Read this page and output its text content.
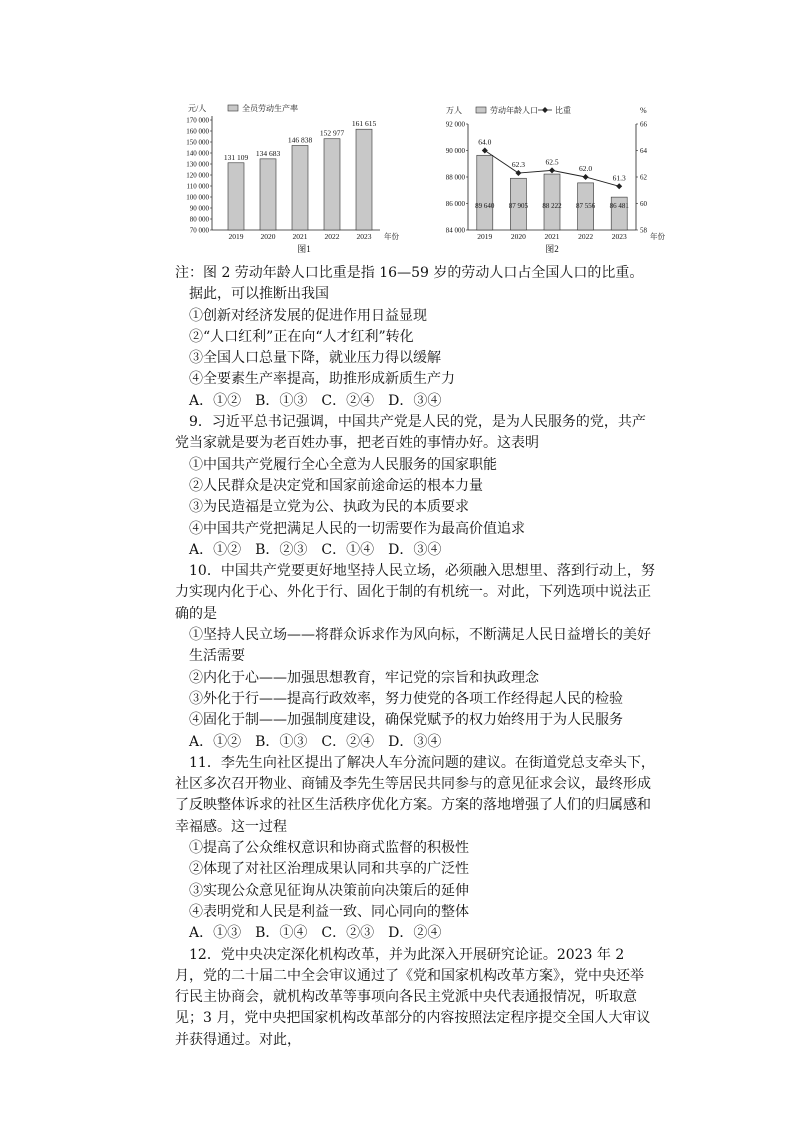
元/人	全员劳动生产率
70 000
80 000
90 000
100 000
110 000
120 000
130 000
140 000
150 000
160 000
170 000
131 109
2019
134 683
2020
146 838
2021
152 977
2022
161 615
2023 年份
图1
万人	%
劳动年龄人口 比重
84 000
86 000
88 000
90 000
92 000
58
60
62
64
66
89 640
2019
87 905
2020
88 222
2021
87 556
2022
86 481
2023
64.0
62.3	62.5
62.0
61.3
年份
图2

注：图 2 劳动年龄人口比重是指 16—59 岁的劳动人口占全国人口的比重。

据此，可以推断出我国

①创新对经济发展的促进作用日益显现

②“人口红利”正在向“人才红利”转化

③全国人口总量下降，就业压力得以缓解

④全要素生产率提高，助推形成新质生产力

A．①②　B．①③　C．②④　D．③④

9．习近平总书记强调，中国共产党是人民的党，是为人民服务的党，共产党当家就是要为老百姓办事，把老百姓的事情办好。这表明

①中国共产党履行全心全意为人民服务的国家职能

②人民群众是决定党和国家前途命运的根本力量

③为民造福是立党为公、执政为民的本质要求

④中国共产党把满足人民的一切需要作为最高价值追求

A．①②　B．②③　C．①④　D．③④

10．中国共产党要更好地坚持人民立场，必须融入思想里、落到行动上，努力实现内化于心、外化于行、固化于制的有机统一。对此，下列选项中说法正确的是

①坚持人民立场——将群众诉求作为风向标，不断满足人民日益增长的美好生活需要

②内化于心——加强思想教育，牢记党的宗旨和执政理念

③外化于行——提高行政效率，努力使党的各项工作经得起人民的检验

④固化于制——加强制度建设，确保党赋予的权力始终用于为人民服务

A．①②　B．①③　C．②④　D．③④

11．李先生向社区提出了解决人车分流问题的建议。在街道党总支牵头下，社区多次召开物业、商铺及李先生等居民共同参与的意见征求会议，最终形成了反映整体诉求的社区生活秩序优化方案。方案的落地增强了人们的归属感和幸福感。这一过程

①提高了公众维权意识和协商式监督的积极性

②体现了对社区治理成果认同和共享的广泛性

③实现公众意见征询从决策前向决策后的延伸

④表明党和人民是利益一致、同心同向的整体

A．①③　B．①④　C．②③　D．②④

12．党中央决定深化机构改革，并为此深入开展研究论证。2023 年 2 月，党的二十届二中全会审议通过了《党和国家机构改革方案》，党中央还举行民主协商会，就机构改革等事项向各民主党派中央代表通报情况，听取意见；3 月，党中央把国家机构改革部分的内容按照法定程序提交全国人大审议并获得通过。对此，
